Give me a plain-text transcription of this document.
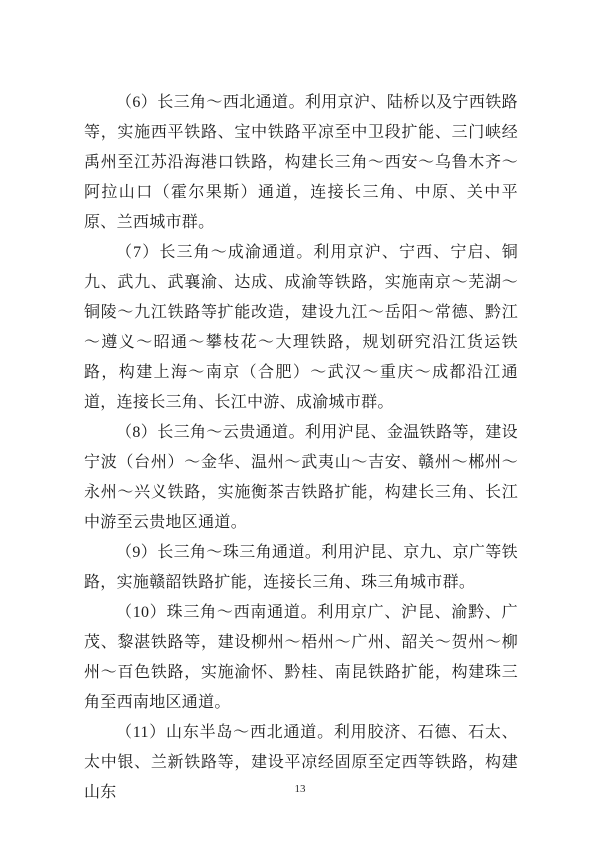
（6）长三角～西北通道。利用京沪、陆桥以及宁西铁路等，实施西平铁路、宝中铁路平凉至中卫段扩能、三门峡经禹州至江苏沿海港口铁路，构建长三角～西安～乌鲁木齐～阿拉山口（霍尔果斯）通道，连接长三角、中原、关中平原、兰西城市群。

（7）长三角～成渝通道。利用京沪、宁西、宁启、铜九、武九、武襄渝、达成、成渝等铁路，实施南京～芜湖～铜陵～九江铁路等扩能改造，建设九江～岳阳～常德、黔江～遵义～昭通～攀枝花～大理铁路，规划研究沿江货运铁路，构建上海～南京（合肥）～武汉～重庆～成都沿江通道，连接长三角、长江中游、成渝城市群。

（8）长三角～云贵通道。利用沪昆、金温铁路等，建设宁波（台州）～金华、温州～武夷山～吉安、赣州～郴州～永州～兴义铁路，实施衡茶吉铁路扩能，构建长三角、长江中游至云贵地区通道。

（9）长三角～珠三角通道。利用沪昆、京九、京广等铁路，实施赣韶铁路扩能，连接长三角、珠三角城市群。

（10）珠三角～西南通道。利用京广、沪昆、渝黔、广茂、黎湛铁路等，建设柳州～梧州～广州、韶关～贺州～柳州～百色铁路，实施渝怀、黔桂、南昆铁路扩能，构建珠三角至西南地区通道。

（11）山东半岛～西北通道。利用胶济、石德、石太、太中银、兰新铁路等，建设平凉经固原至定西等铁路，构建山东	13
